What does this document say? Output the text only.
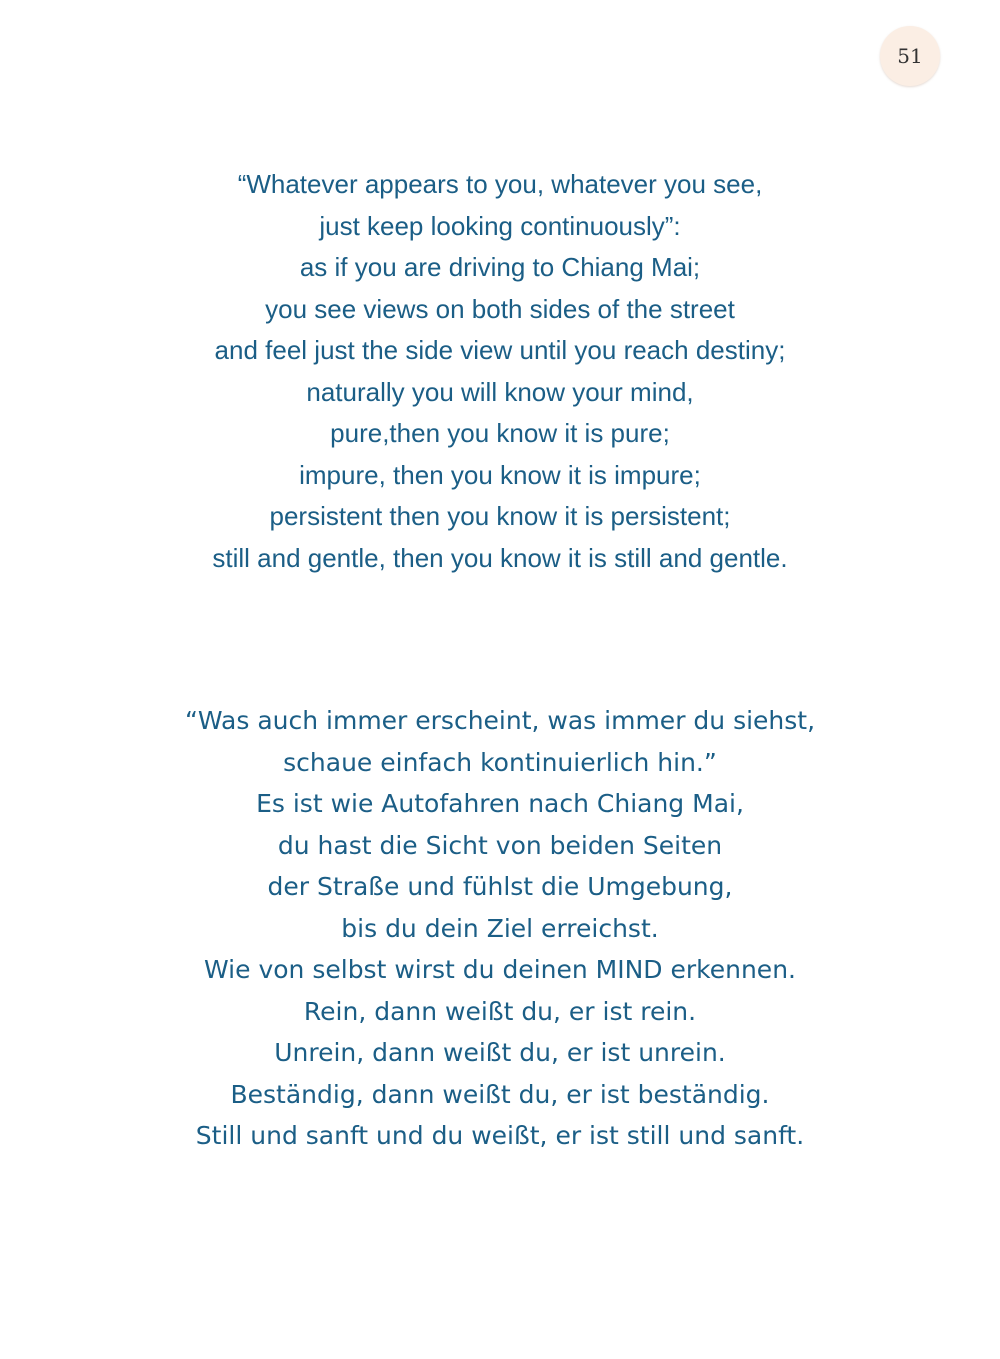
51
“Whatever appears to you, whatever you see,
just keep looking continuously”:
as if you are driving to Chiang Mai;
you see views on both sides of the street
and feel just the side view until you reach destiny;
naturally you will know your mind,
pure,then you know it is pure;
impure, then you know it is impure;
persistent then you know it is persistent;
still and gentle, then you know it is still and gentle.
“Was auch immer erscheint, was immer du siehst,
schaue einfach kontinuierlich hin.”
Es ist wie Autofahren nach Chiang Mai,
du hast die Sicht von beiden Seiten
der Straße und fühlst die Umgebung,
bis du dein Ziel erreichst.
Wie von selbst wirst du deinen MIND erkennen.
Rein, dann weißt du, er ist rein.
Unrein, dann weißt du, er ist unrein.
Beständig, dann weißt du, er ist beständig.
Still und sanft und du weißt, er ist still und sanft.
